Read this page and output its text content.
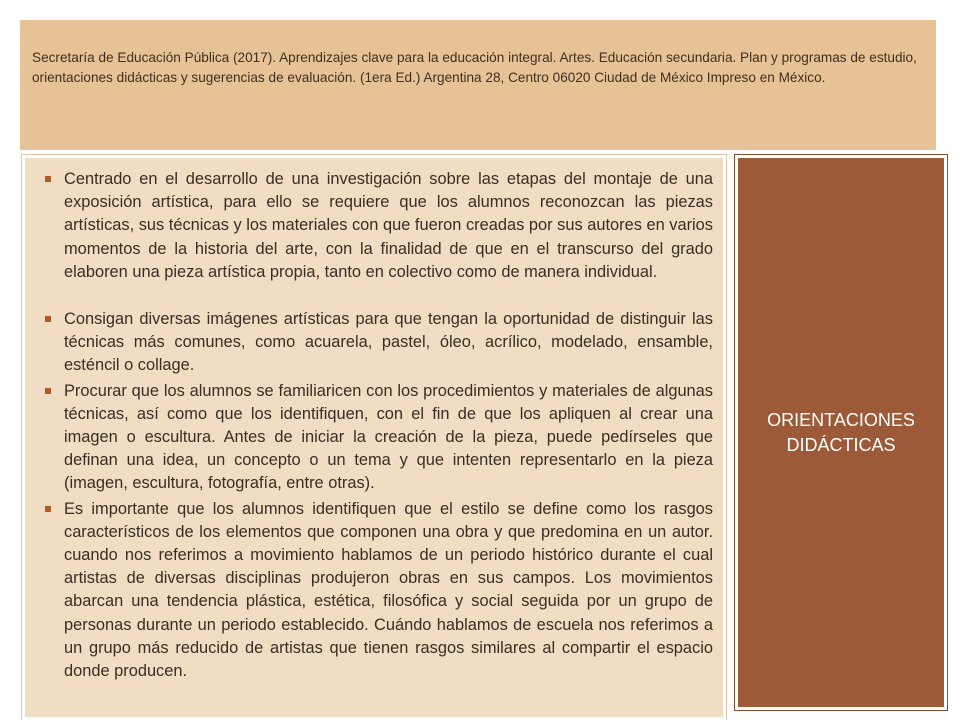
Secretaría de Educación Pública (2017). Aprendizajes clave para la educación integral. Artes. Educación secundaria. Plan y programas de estudio, orientaciones didácticas y sugerencias de evaluación. (1era Ed.) Argentina 28, Centro 06020 Ciudad de México Impreso en México.

Centrado en el desarrollo de una investigación sobre las etapas del montaje de una exposición artística, para ello se requiere que los alumnos reconozcan las piezas artísticas, sus técnicas y los materiales con que fueron creadas por sus autores en varios momentos de la historia del arte, con la finalidad de que en el transcurso del grado elaboren una pieza artística propia, tanto en colectivo como de manera individual.
Consigan diversas imágenes artísticas para que tengan la oportunidad de distinguir las técnicas más comunes, como acuarela, pastel, óleo, acrílico, modelado, ensamble, esténcil o collage.
Procurar que los alumnos se familiaricen con los procedimientos y materiales de algunas técnicas, así como que los identifiquen, con el fin de que los apliquen al crear una imagen o escultura. Antes de iniciar la creación de la pieza, puede pedírseles que definan una idea, un concepto o un tema y que intenten representarlo en la pieza (imagen, escultura, fotografía, entre otras).
Es importante que los alumnos identifiquen que el estilo se define como los rasgos característicos de los elementos que componen una obra y que predomina en un autor. cuando nos referimos a movimiento hablamos de un periodo histórico durante el cual artistas de diversas disciplinas produjeron obras en sus campos. Los movimientos abarcan una tendencia plástica, estética, filosófica y social seguida por un grupo de personas durante un periodo establecido. Cuándo hablamos de escuela nos referimos a un grupo más reducido de artistas que tienen rasgos similares al compartir el espacio donde producen.
ORIENTACIONES DIDÁCTICAS
